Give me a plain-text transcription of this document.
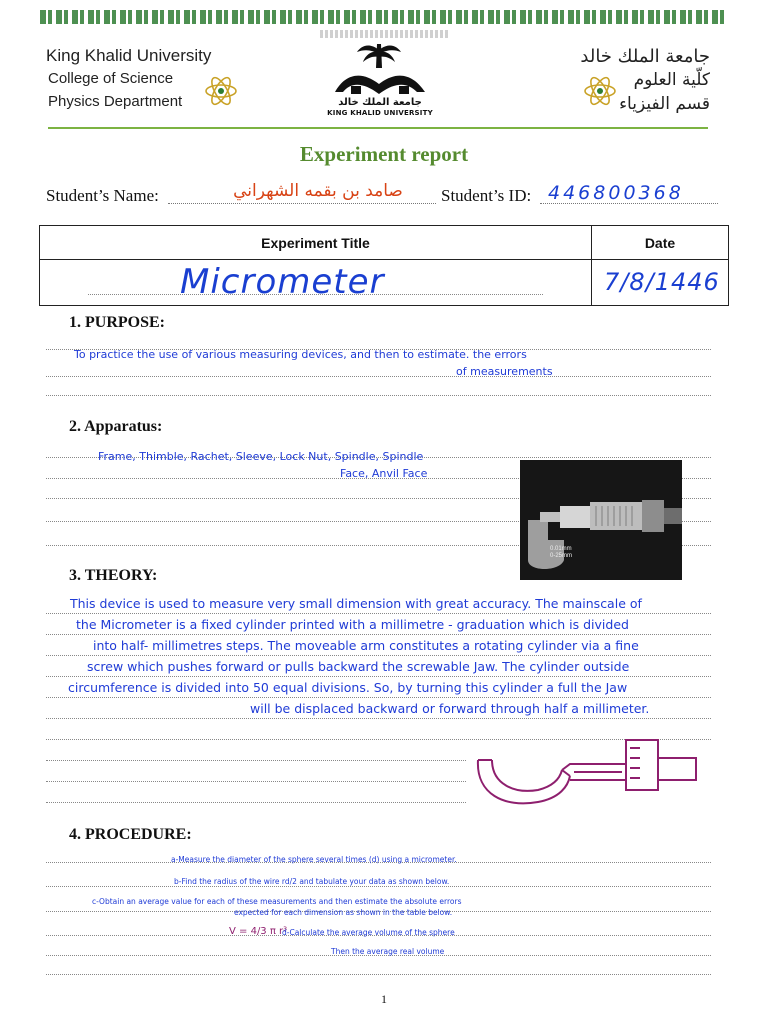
King Khalid University
College of Science
Physics Department	جامعة الملك خالد
KING KHALID UNIVERSITY
جامعة الملك خالد
كلّية العلوم
قسم الفيزياء
Experiment report
Student’s Name:	صامد بن بقمه الشهراني	Student’s ID: 446800368
Experiment Title	Date

Micrometer	7/8/1446
1. PURPOSE:
To practice the use of various measuring devices, and then to estimate. the errors
of measurements
2. Apparatus:
Frame, Thimble, Rachet, Sleeve, Lock Nut, Spindle, Spindle
Face, Anvil Face
0.01mm
0-25mm
3. THEORY:
This device is used to measure very small dimension with great accuracy. The mainscale of
the Micrometer is a fixed cylinder printed with a millimetre - graduation which is divided
into half- millimetres steps. The moveable arm constitutes a rotating cylinder via a fine
screw which pushes forward or pulls backward the screwable Jaw. The cylinder outside
circumference is divided into 50 equal divisions. So, by turning this cylinder a full the Jaw
will be displaced backward or forward through half a millimeter.
4. PROCEDURE:
a-Measure the diameter of the sphere several times (d) using a micrometer.
b-Find the radius of the wire rd/2 and tabulate your data as shown below.
c-Obtain an average value for each of these measurements and then estimate the absolute errors
expected for each dimension as shown in the table below.
V = 4/3 π r³
d-Calculate the average volume of the sphere
Then the average real volume
1
